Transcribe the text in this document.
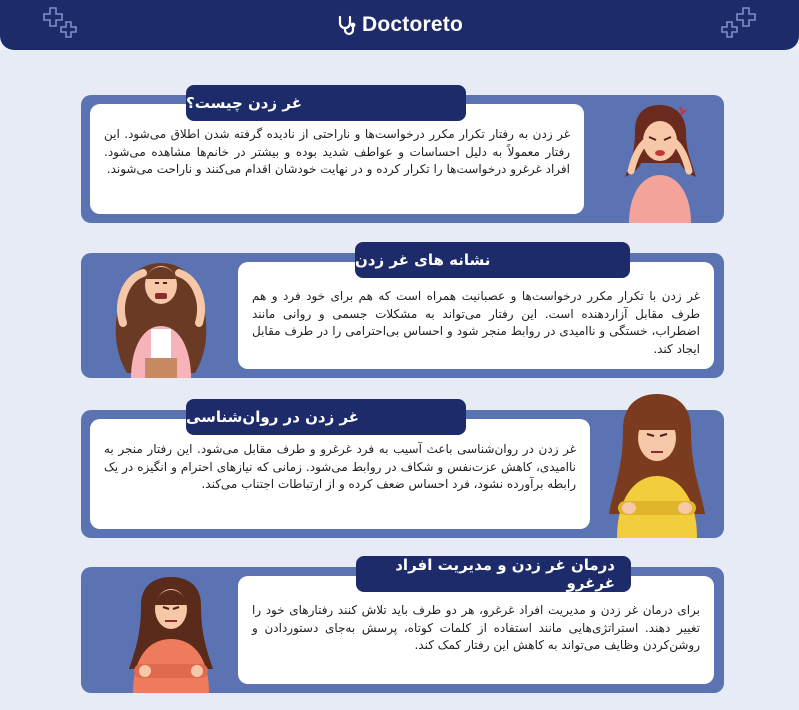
Doctoreto

غر زدن به رفتار تکرار مکرر درخواست‌ها و ناراحتی از نادیده گرفته شدن اطلاق می‌شود. این رفتار معمولاً به دلیل احساسات و عواطف شدید بوده و بیشتر در خانم‌ها مشاهده می‌شود. افراد غرغرو درخواست‌ها را تکرار کرده و در نهایت خودشان اقدام می‌کنند و ناراحت می‌شوند.

غر زدن چیست؟

غر زدن با تکرار مکرر درخواست‌ها و عصبانیت همراه است که هم برای خود فرد و هم طرف مقابل آزاردهنده است. این رفتار می‌تواند به مشکلات جسمی و روانی مانند اضطراب، خستگی و ناامیدی در روابط منجر شود و احساس بی‌احترامی را در طرف مقابل ایجاد کند.

نشانه های غر زدن

غر زدن در روان‌شناسی باعث آسیب به فرد غرغرو و طرف مقابل می‌شود. این رفتار منجر به ناامیدی، کاهش عزت‌نفس و شکاف در روابط می‌شود. زمانی که نیازهای احترام و انگیزه در یک رابطه برآورده نشود، فرد احساس ضعف کرده و از ارتباطات اجتناب می‌کند.

غر زدن در روان‌شناسی

برای درمان غر زدن و مدیریت افراد غرغرو، هر دو طرف باید تلاش کنند رفتارهای خود را تغییر دهند. استراتژی‌هایی مانند استفاده از کلمات کوتاه، پرسش به‌جای دستوردادن و روشن‌کردن وظایف می‌تواند به کاهش این رفتار کمک کند.

درمان غر زدن و مدیریت افراد غرغرو
